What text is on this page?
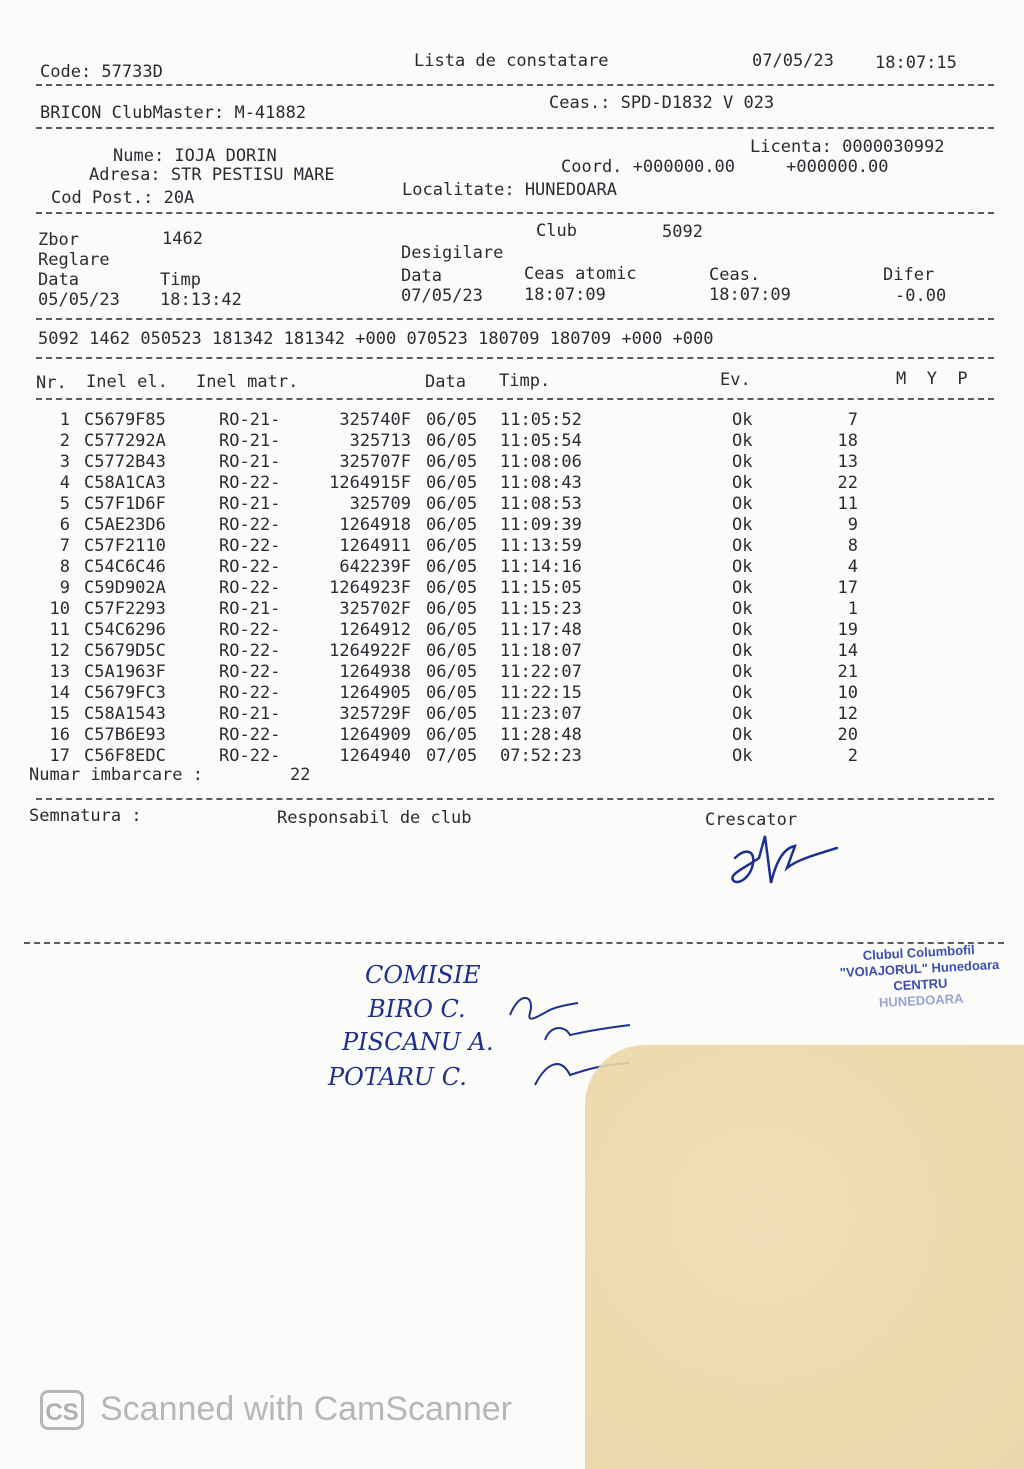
Code: 57733D
Lista de constatare	07/05/23 18:07:15
BRICON ClubMaster: M-41882	Ceas.: SPD-D1832 V 023
Licenta: 0000030992
Nume: IOJA DORIN
Coord. +000000.00     +000000.00
Adresa: STR PESTISU MARE
Localitate: HUNEDOARA
Cod Post.: 20A
Club	5092
Zbor	1462
Desigilare
Reglare
Data	Timp	Data	Ceas atomic	Ceas.	Difer
05/05/23 18:13:42	07/05/23 18:07:09	18:07:09	-0.00
5092 1462 050523 181342 181342 +000 070523 180709 180709 +000 +000
Nr. Inel el. Inel matr.	Data Timp.	Ev.	M  Y  P
1 C5679F85	RO-21-	325740F 06/05 11:05:52	Ok	7
2 C577292A	RO-21-	325713 06/05 11:05:54	Ok	18
3 C5772B43	RO-21-	325707F 06/05 11:08:06	Ok	13
4 C58A1CA3	RO-22-	1264915F 06/05 11:08:43	Ok	22
5 C57F1D6F	RO-21-	325709 06/05 11:08:53	Ok	11
6 C5AE23D6	RO-22-	1264918 06/05 11:09:39	Ok	9
7 C57F2110	RO-22-	1264911 06/05 11:13:59	Ok	8
8 C54C6C46	RO-22-	642239F 06/05 11:14:16	Ok	4
9 C59D902A	RO-22-	1264923F 06/05 11:15:05	Ok	17
10 C57F2293	RO-21-	325702F 06/05 11:15:23	Ok	1
11 C54C6296	RO-22-	1264912 06/05 11:17:48	Ok	19
12 C5679D5C	RO-22-	1264922F 06/05 11:18:07	Ok	14
13 C5A1963F	RO-22-	1264938 06/05 11:22:07	Ok	21
14 C5679FC3	RO-22-	1264905 06/05 11:22:15	Ok	10
15 C58A1543	RO-21-	325729F 06/05 11:23:07	Ok	12
16 C57B6E93	RO-22-	1264909 06/05 11:28:48	Ok	20
17 C56F8EDC	RO-22-	1264940 07/05 07:52:23	Ok	2
Numar imbarcare :	22
Semnatura :	Responsabil de club	Crescator
Clubul Columbofil
"VOIAJORUL" Hunedoara
CENTRU
HUNEDOARA
COMISIE
BIRO C.
PISCANU A.
POTARU C.
CS Scanned with CamScanner
